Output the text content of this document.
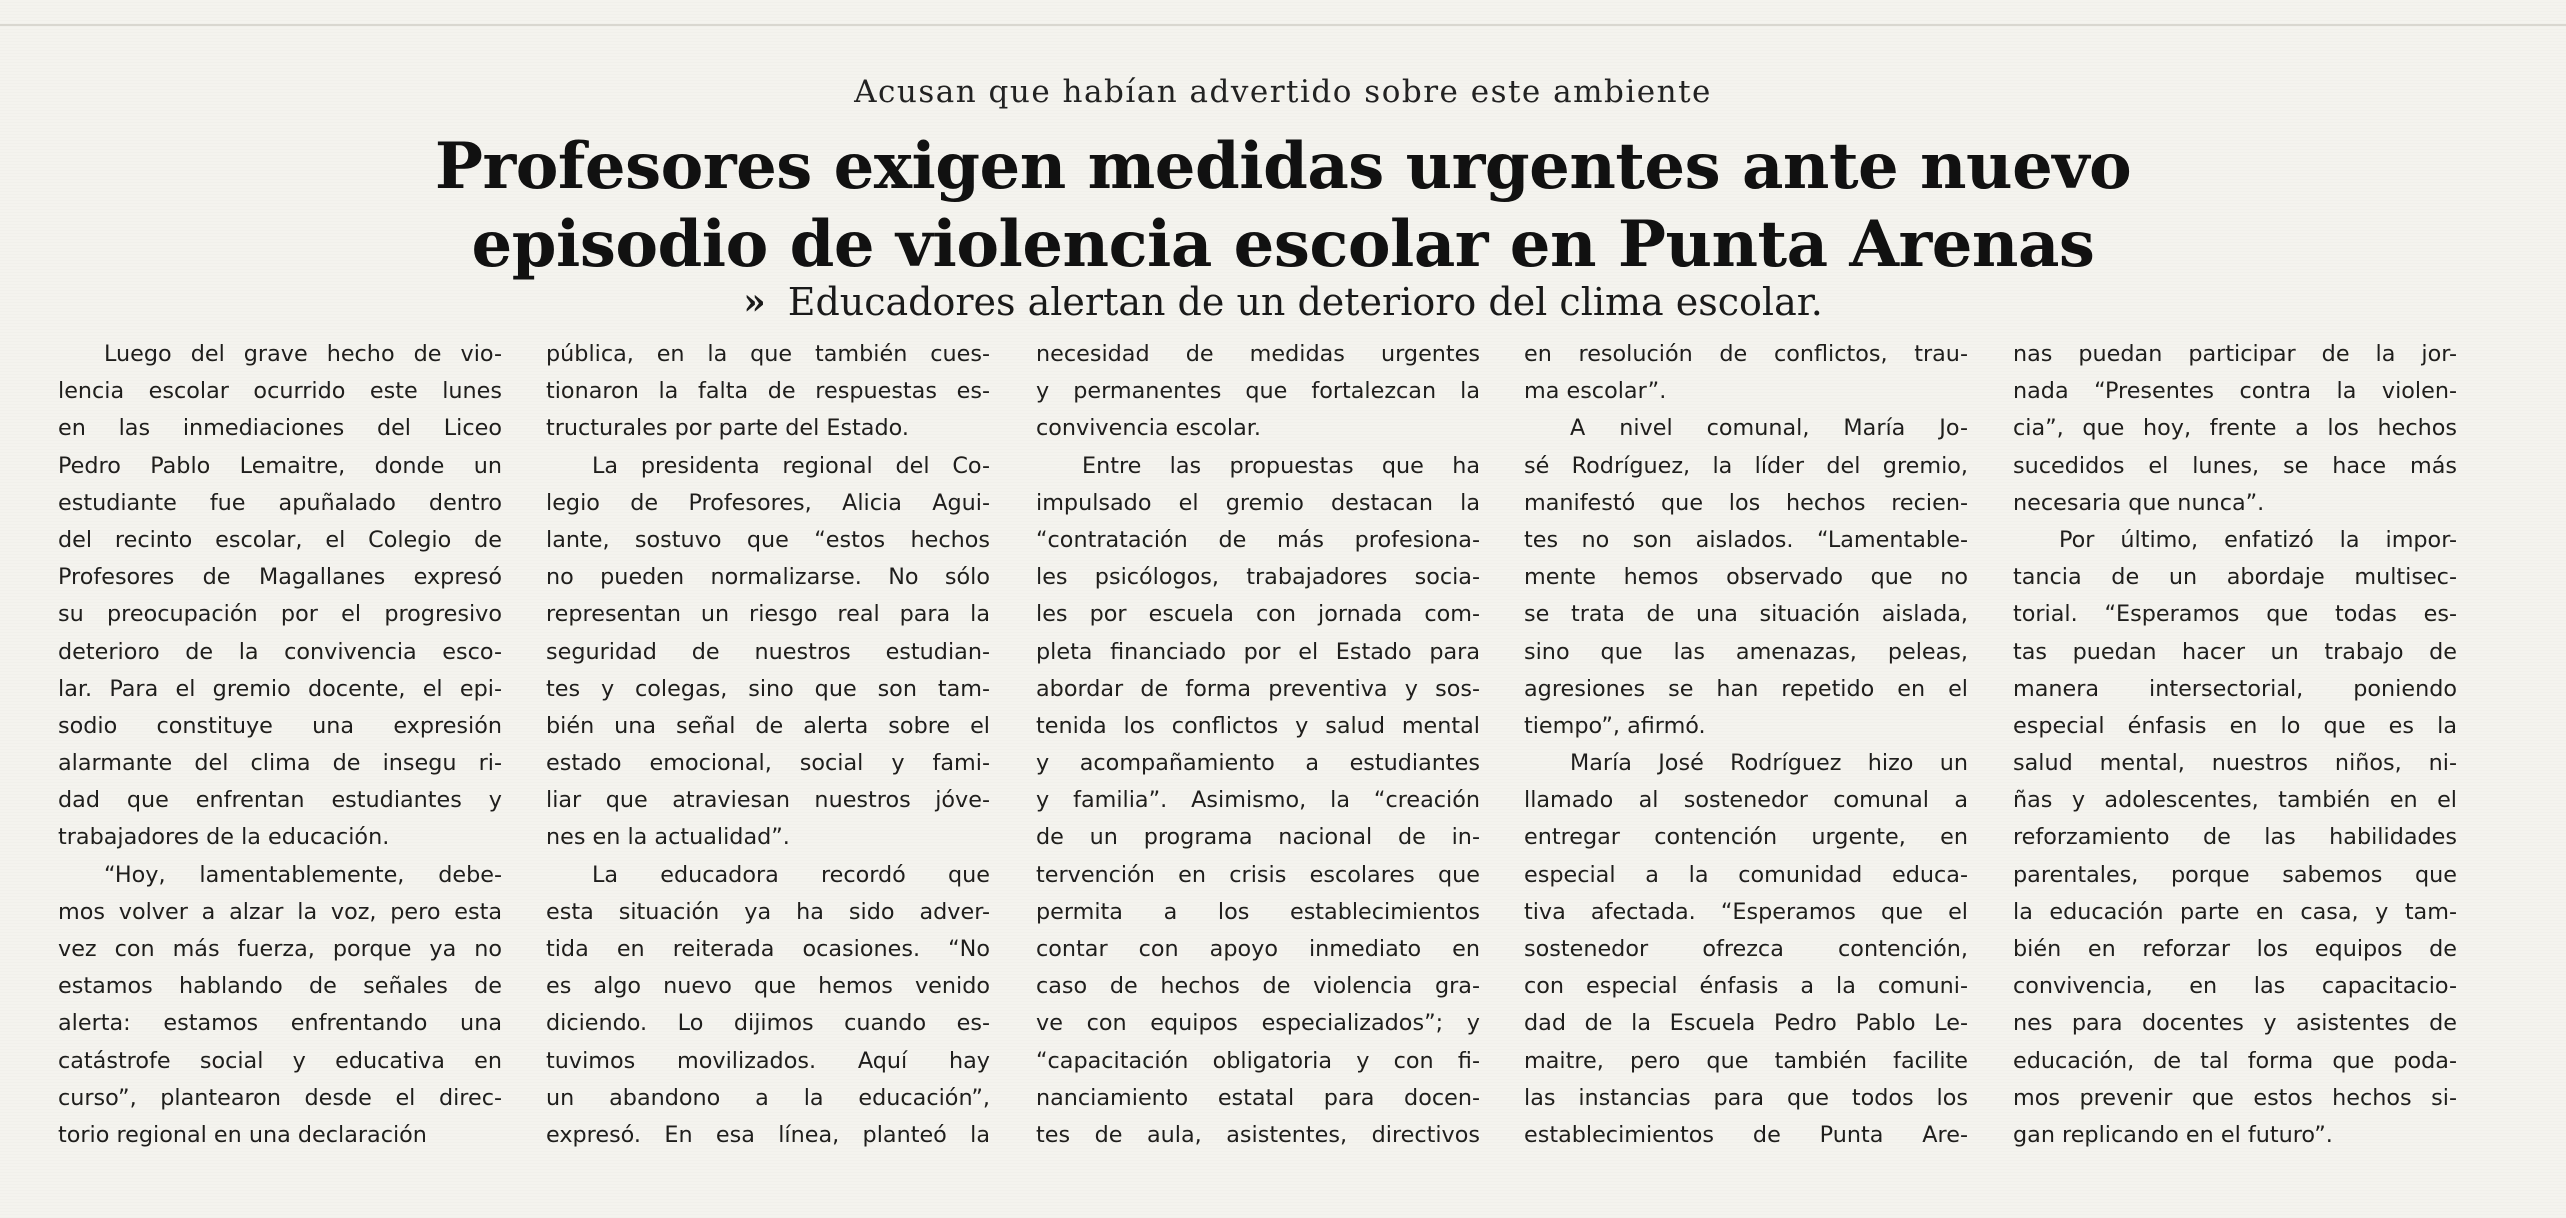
Acusan que habían advertido sobre este ambiente
Profesores exigen medidas urgentes ante nuevo
episodio de violencia escolar en Punta Arenas
» Educadores alertan de un deterioro del clima escolar.
Luego del grave hecho de vio-
lencia escolar ocurrido este lunes
en las inmediaciones del Liceo
Pedro Pablo Lemaitre, donde un
estudiante fue apuñalado dentro
del recinto escolar, el Colegio de
Profesores de Magallanes expresó
su preocupación por el progresivo
deterioro de la convivencia esco-
lar. Para el gremio docente, el epi-
sodio constituye una expresión
alarmante del clima de insegu ri-
dad que enfrentan estudiantes y
trabajadores de la educación.
“Hoy, lamentablemente, debe-
mos volver a alzar la voz, pero esta
vez con más fuerza, porque ya no
estamos hablando de señales de
alerta: estamos enfrentando una
catástrofe social y educativa en
curso”, plantearon desde el direc-
torio regional en una declaración
pública, en la que también cues-
tionaron la falta de respuestas es-
tructurales por parte del Estado.
La presidenta regional del Co-
legio de Profesores, Alicia Agui-
lante, sostuvo que “estos hechos
no pueden normalizarse. No sólo
representan un riesgo real para la
seguridad de nuestros estudian-
tes y colegas, sino que son tam-
bién una señal de alerta sobre el
estado emocional, social y fami-
liar que atraviesan nuestros jóve-
nes en la actualidad”.
La educadora recordó que
esta situación ya ha sido adver-
tida en reiterada ocasiones. “No
es algo nuevo que hemos venido
diciendo. Lo dijimos cuando es-
tuvimos movilizados. Aquí hay
un abandono a la educación”,
expresó. En esa línea, planteó la
necesidad de medidas urgentes
y permanentes que fortalezcan la
convivencia escolar.
Entre las propuestas que ha
impulsado el gremio destacan la
“contratación de más profesiona-
les psicólogos, trabajadores socia-
les por escuela con jornada com-
pleta financiado por el Estado para
abordar de forma preventiva y sos-
tenida los conflictos y salud mental
y acompañamiento a estudiantes
y familia”. Asimismo, la “creación
de un programa nacional de in-
tervención en crisis escolares que
permita a los establecimientos
contar con apoyo inmediato en
caso de hechos de violencia gra-
ve con equipos especializados”; y
“capacitación obligatoria y con fi-
nanciamiento estatal para docen-
tes de aula, asistentes, directivos
en resolución de conflictos, trau-
ma escolar”.
A nivel comunal, María Jo-
sé Rodríguez, la líder del gremio,
manifestó que los hechos recien-
tes no son aislados. “Lamentable-
mente hemos observado que no
se trata de una situación aislada,
sino que las amenazas, peleas,
agresiones se han repetido en el
tiempo”, afirmó.
María José Rodríguez hizo un
llamado al sostenedor comunal a
entregar contención urgente, en
especial a la comunidad educa-
tiva afectada. “Esperamos que el
sostenedor ofrezca contención,
con especial énfasis a la comuni-
dad de la Escuela Pedro Pablo Le-
maitre, pero que también facilite
las instancias para que todos los
establecimientos de Punta Are-
nas puedan participar de la jor-
nada “Presentes contra la violen-
cia”, que hoy, frente a los hechos
sucedidos el lunes, se hace más
necesaria que nunca”.
Por último, enfatizó la impor-
tancia de un abordaje multisec-
torial. “Esperamos que todas es-
tas puedan hacer un trabajo de
manera intersectorial, poniendo
especial énfasis en lo que es la
salud mental, nuestros niños, ni-
ñas y adolescentes, también en el
reforzamiento de las habilidades
parentales, porque sabemos que
la educación parte en casa, y tam-
bién en reforzar los equipos de
convivencia, en las capacitacio-
nes para docentes y asistentes de
educación, de tal forma que poda-
mos prevenir que estos hechos si-
gan replicando en el futuro”.
